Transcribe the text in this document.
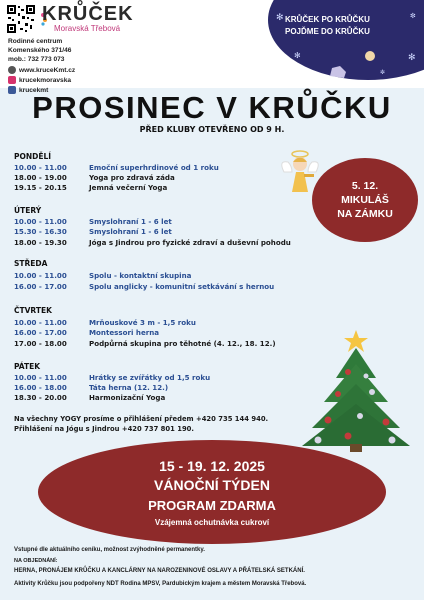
KRŮČEK
Moravská Třebová
Rodinné centrum
Komenského 371/46
mob.: 732 773 073
www.kruceKmt.cz
krucekmoravska
krucekmt
✻	✼
✻	✻
✼
KRŮČEK PO KRŮČKU
POJĎME DO KRŮČKU
PROSINEC V KRŮČKU
PŘED KLUBY OTEVŘENO OD 9 H.
5. 12.
MIKULÁŠ
NA ZÁMKU
PONDĚLÍ
10.00 - 11.00	Emoční superhrdinové od 1 roku
18.00 - 19.00	Yoga pro zdravá záda
19.15 - 20.15	Jemná večerní Yoga
ÚTERÝ
10.00 - 11.00	Smyslohraní 1 - 6 let
15.30 - 16.30	Smyslohraní 1 - 6 let
18.00 - 19.30	Jóga s Jindrou pro fyzické zdraví a duševní pohodu
STŘEDA
10.00 - 11.00	Spolu - kontaktní skupina
16.00 - 17.00	Spolu anglicky - komunitní setkávání s hernou
ČTVRTEK
10.00 - 11.00	Mrňouskové 3 m - 1,5 roku
16.00 - 17.00	Montessori herna
17.00 - 18.00	Podpůrná skupina pro těhotné (4. 12., 18. 12.)
PÁTEK
10.00 - 11.00	Hrátky se zvířátky od 1,5 roku
16.00 - 18.00	Táta herna (12. 12.)
18.30 - 20.00	Harmonizační Yoga
Na všechny YOGY prosíme o přihlášení předem +420 735 144 940.
Přihlášení na Jógu s Jindrou +420 737 801 190.
15 - 19. 12. 2025
VÁNOČNÍ TÝDEN
PROGRAM ZDARMA
Vzájemná ochutnávka cukroví
Vstupné dle aktuálního ceníku, možnost zvýhodněné permanentky.
NA OBJEDNÁNÍ:
HERNA, PRONÁJEM KRŮČKU A KANCLÁRNY NA NAROZENINOVÉ OSLAVY A PŘÁTELSKÁ SETKÁNÍ.
Aktivity Krůčku jsou podpořeny NDT Rodina MPSV, Pardubickým krajem a městem Moravská Třebová.
